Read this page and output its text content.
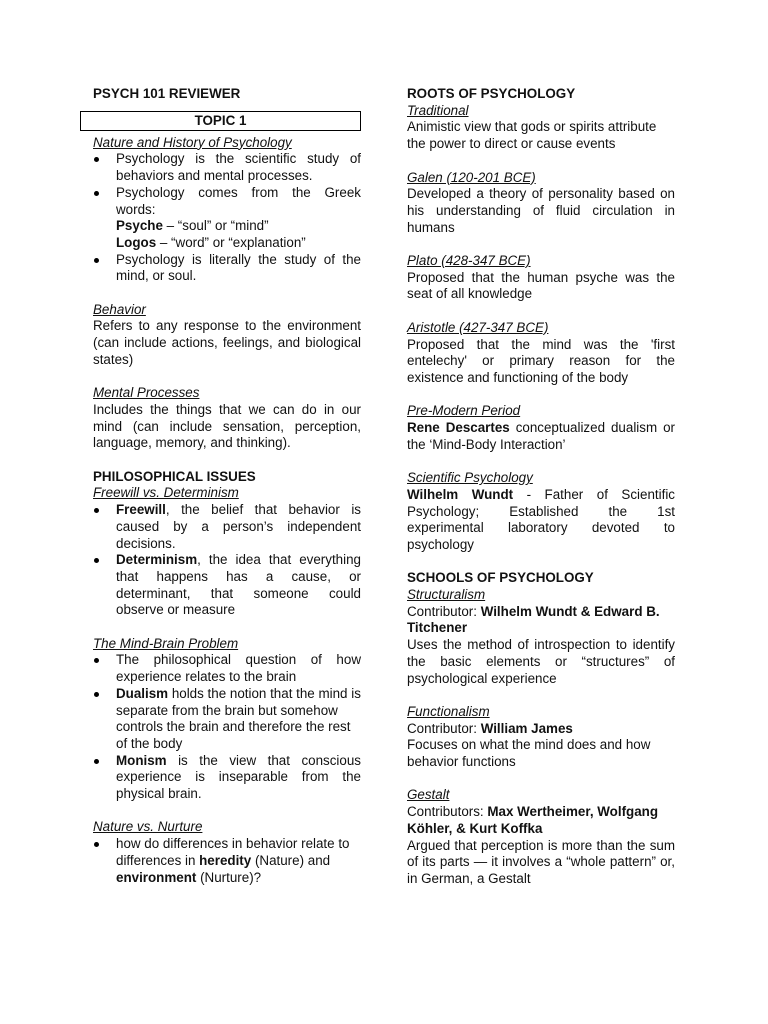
PSYCH 101 REVIEWER
TOPIC 1
Nature and History of Psychology
Psychology is the scientific study of behaviors and mental processes.
Psychology comes from the Greek words:
Psyche – “soul” or “mind”
Logos – “word” or “explanation”
Psychology is literally the study of the mind, or soul.
Behavior
Refers to any response to the environment (can include actions, feelings, and biological states)
Mental Processes
Includes the things that we can do in our mind (can include sensation, perception, language, memory, and thinking).
PHILOSOPHICAL ISSUES
Freewill vs. Determinism
Freewill, the belief that behavior is caused by a person’s independent decisions.
Determinism, the idea that everything that happens has a cause, or determinant, that someone could observe or measure
The Mind-Brain Problem
The philosophical question of how experience relates to the brain
Dualism holds the notion that the mind is separate from the brain but somehow controls the brain and therefore the rest of the body
Monism is the view that conscious experience is inseparable from the physical brain.
Nature vs. Nurture
how do differences in behavior relate to differences in heredity (Nature) and environment (Nurture)?
ROOTS OF PSYCHOLOGY
Traditional
Animistic view that gods or spirits attribute the power to direct or cause events
Galen (120-201 BCE)
Developed a theory of personality based on his understanding of fluid circulation in humans
Plato (428-347 BCE)
Proposed that the human psyche was the seat of all knowledge
Aristotle (427-347 BCE)
Proposed that the mind was the 'first entelechy' or primary reason for the existence and functioning of the body
Pre-Modern Period
Rene Descartes conceptualized dualism or the ‘Mind-Body Interaction’
Scientific Psychology
Wilhelm Wundt - Father of Scientific Psychology; Established the 1st experimental laboratory devoted to psychology
SCHOOLS OF PSYCHOLOGY
Structuralism
Contributor: Wilhelm Wundt & Edward B. Titchener
Uses the method of introspection to identify the basic elements or “structures” of psychological experience
Functionalism
Contributor: William James
Focuses on what the mind does and how behavior functions
Gestalt
Contributors: Max Wertheimer, Wolfgang Köhler, & Kurt Koffka
Argued that perception is more than the sum of its parts — it involves a “whole pattern” or, in German, a Gestalt
